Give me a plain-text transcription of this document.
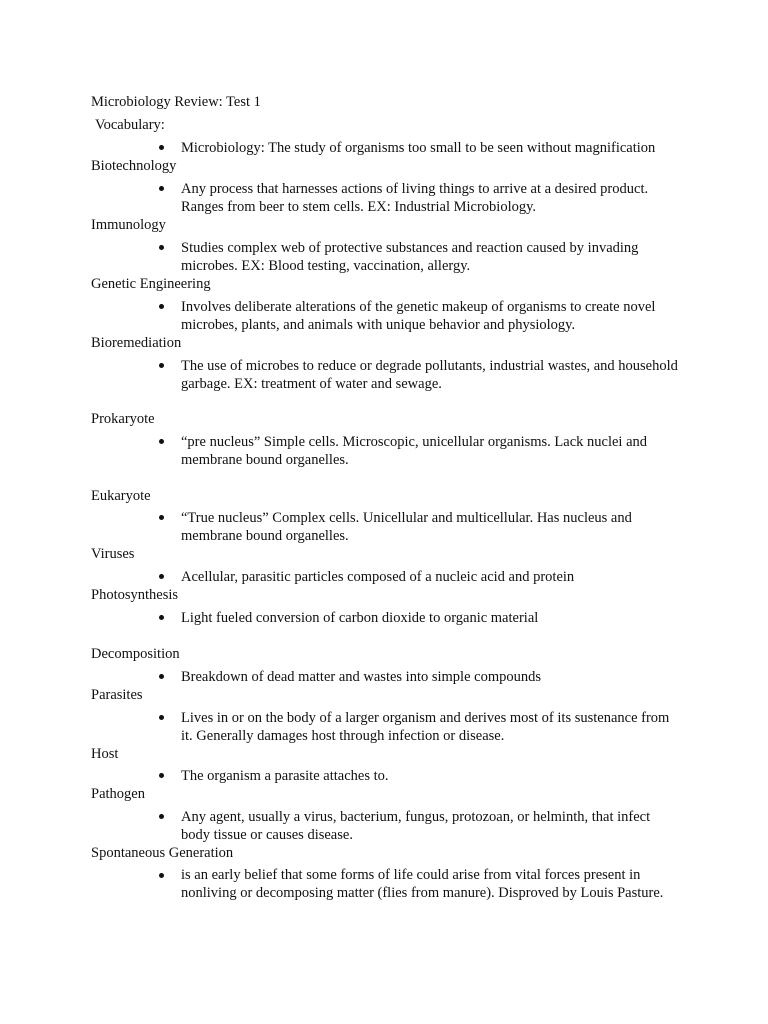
Microbiology Review: Test 1
Vocabulary:
Microbiology: The study of organisms too small to be seen without magnification
Biotechnology
Any process that harnesses actions of living things to arrive at a desired product. Ranges from beer to stem cells. EX: Industrial Microbiology.
Immunology
Studies complex web of protective substances and reaction caused by invading microbes. EX: Blood testing, vaccination, allergy.
Genetic Engineering
Involves deliberate alterations of the genetic makeup of organisms to create novel microbes, plants, and animals with unique behavior and physiology.
Bioremediation
The use of microbes to reduce or degrade pollutants, industrial wastes, and household garbage. EX: treatment of water and sewage.
Prokaryote
“pre nucleus” Simple cells. Microscopic, unicellular organisms. Lack nuclei and membrane bound organelles.
Eukaryote
“True nucleus” Complex cells. Unicellular and multicellular. Has nucleus and membrane bound organelles.
Viruses
Acellular, parasitic particles composed of a nucleic acid and protein
Photosynthesis
Light fueled conversion of carbon dioxide to organic material
Decomposition
Breakdown of dead matter and wastes into simple compounds
Parasites
Lives in or on the body of a larger organism and derives most of its sustenance from it. Generally damages host through infection or disease.
Host
The organism a parasite attaches to.
Pathogen
Any agent, usually a virus, bacterium, fungus, protozoan, or helminth, that infect body tissue or causes disease.
Spontaneous Generation
is an early belief that some forms of life could arise from vital forces present in nonliving or decomposing matter (flies from manure). Disproved by Louis Pasture.
